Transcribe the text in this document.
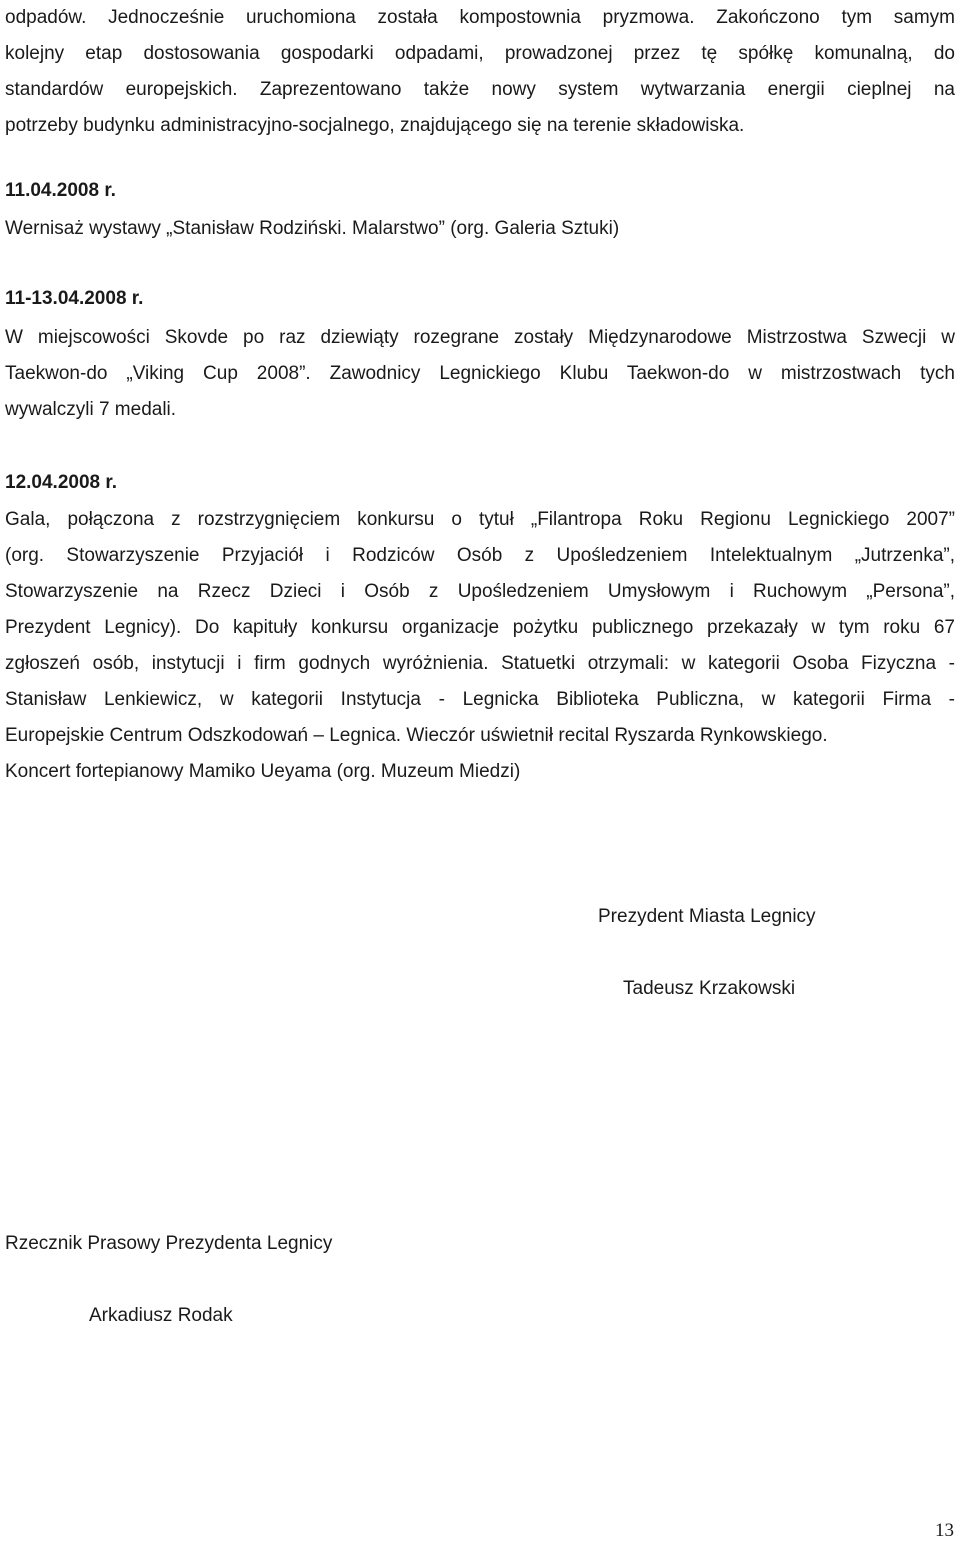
odpadów. Jednocześnie uruchomiona została kompostownia pryzmowa. Zakończono tym samym
kolejny etap dostosowania gospodarki odpadami, prowadzonej przez tę spółkę komunalną, do
standardów europejskich. Zaprezentowano także nowy system wytwarzania energii cieplnej na
potrzeby budynku administracyjno-socjalnego, znajdującego się na terenie składowiska.
11.04.2008 r.
Wernisaż wystawy „Stanisław Rodziński. Malarstwo” (org. Galeria Sztuki)
11-13.04.2008 r.
W miejscowości Skovde po raz dziewiąty rozegrane zostały Międzynarodowe Mistrzostwa Szwecji w
Taekwon-do „Viking Cup 2008”. Zawodnicy Legnickiego Klubu Taekwon-do w mistrzostwach tych
wywalczyli 7 medali.
12.04.2008 r.
Gala, połączona z rozstrzygnięciem konkursu o tytuł „Filantropa Roku Regionu Legnickiego 2007”
(org. Stowarzyszenie Przyjaciół i Rodziców Osób z Upośledzeniem Intelektualnym „Jutrzenka”,
Stowarzyszenie na Rzecz Dzieci i Osób z Upośledzeniem Umysłowym i Ruchowym „Persona”,
Prezydent Legnicy). Do kapituły konkursu organizacje pożytku publicznego przekazały w tym roku 67
zgłoszeń osób, instytucji i firm godnych wyróżnienia. Statuetki otrzymali: w kategorii Osoba Fizyczna -
Stanisław Lenkiewicz, w kategorii Instytucja - Legnicka Biblioteka Publiczna, w kategorii Firma -
Europejskie Centrum Odszkodowań – Legnica. Wieczór uświetnił recital Ryszarda Rynkowskiego.
Koncert fortepianowy Mamiko Ueyama (org. Muzeum Miedzi)
Prezydent Miasta Legnicy
Tadeusz Krzakowski
Rzecznik Prasowy Prezydenta Legnicy
Arkadiusz Rodak
13
